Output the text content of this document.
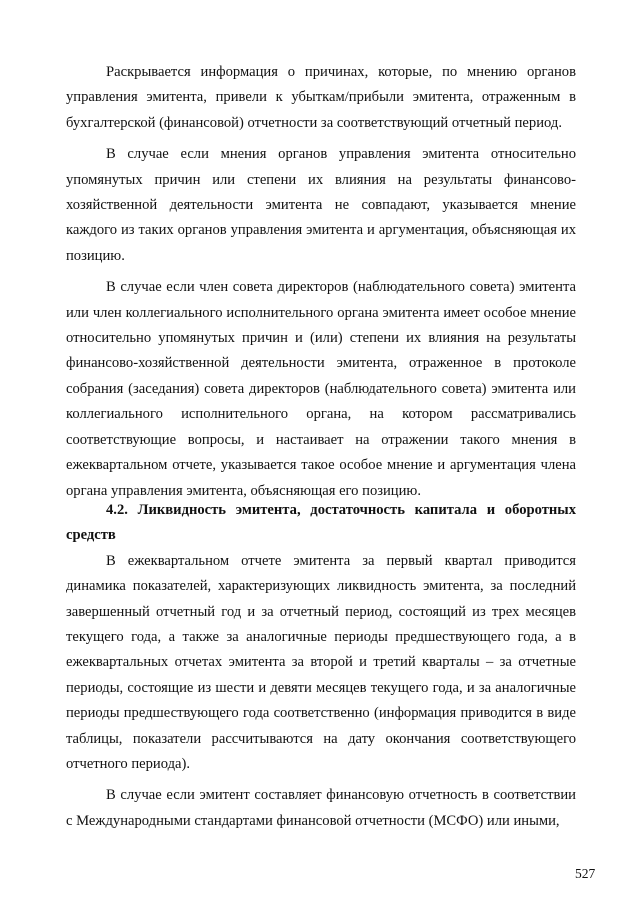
Раскрывается информация о причинах, которые, по мнению органов управления эмитента, привели к убыткам/прибыли эмитента, отраженным в бухгалтерской (финансовой) отчетности за соответствующий отчетный период.

В случае если мнения органов управления эмитента относительно упомянутых причин или степени их влияния на результаты финансово-хозяйственной деятельности эмитента не совпадают, указывается мнение каждого из таких органов управления эмитента и аргументация, объясняющая их позицию.

В случае если член совета директоров (наблюдательного совета) эмитента или член коллегиального исполнительного органа эмитента имеет особое мнение относительно упомянутых причин и (или) степени их влияния на результаты финансово-хозяйственной деятельности эмитента, отраженное в протоколе собрания (заседания) совета директоров (наблюдательного совета) эмитента или коллегиального исполнительного органа, на котором рассматривались соответствующие вопросы, и настаивает на отражении такого мнения в ежеквартальном отчете, указывается такое особое мнение и аргументация члена органа управления эмитента, объясняющая его позицию.

4.2. Ликвидность эмитента, достаточность капитала и оборотных средств

В ежеквартальном отчете эмитента за первый квартал приводится динамика показателей, характеризующих ликвидность эмитента, за последний завершенный отчетный год и за отчетный период, состоящий из трех месяцев текущего года, а также за аналогичные периоды предшествующего года, а в ежеквартальных отчетах эмитента за второй и третий кварталы – за отчетные периоды, состоящие из шести и девяти месяцев текущего года, и за аналогичные периоды предшествующего года соответственно (информация приводится в виде таблицы, показатели рассчитываются на дату окончания соответствующего отчетного периода).

В случае если эмитент составляет финансовую отчетность в соответствии с Международными стандартами финансовой отчетности (МСФО) или иными,

527
